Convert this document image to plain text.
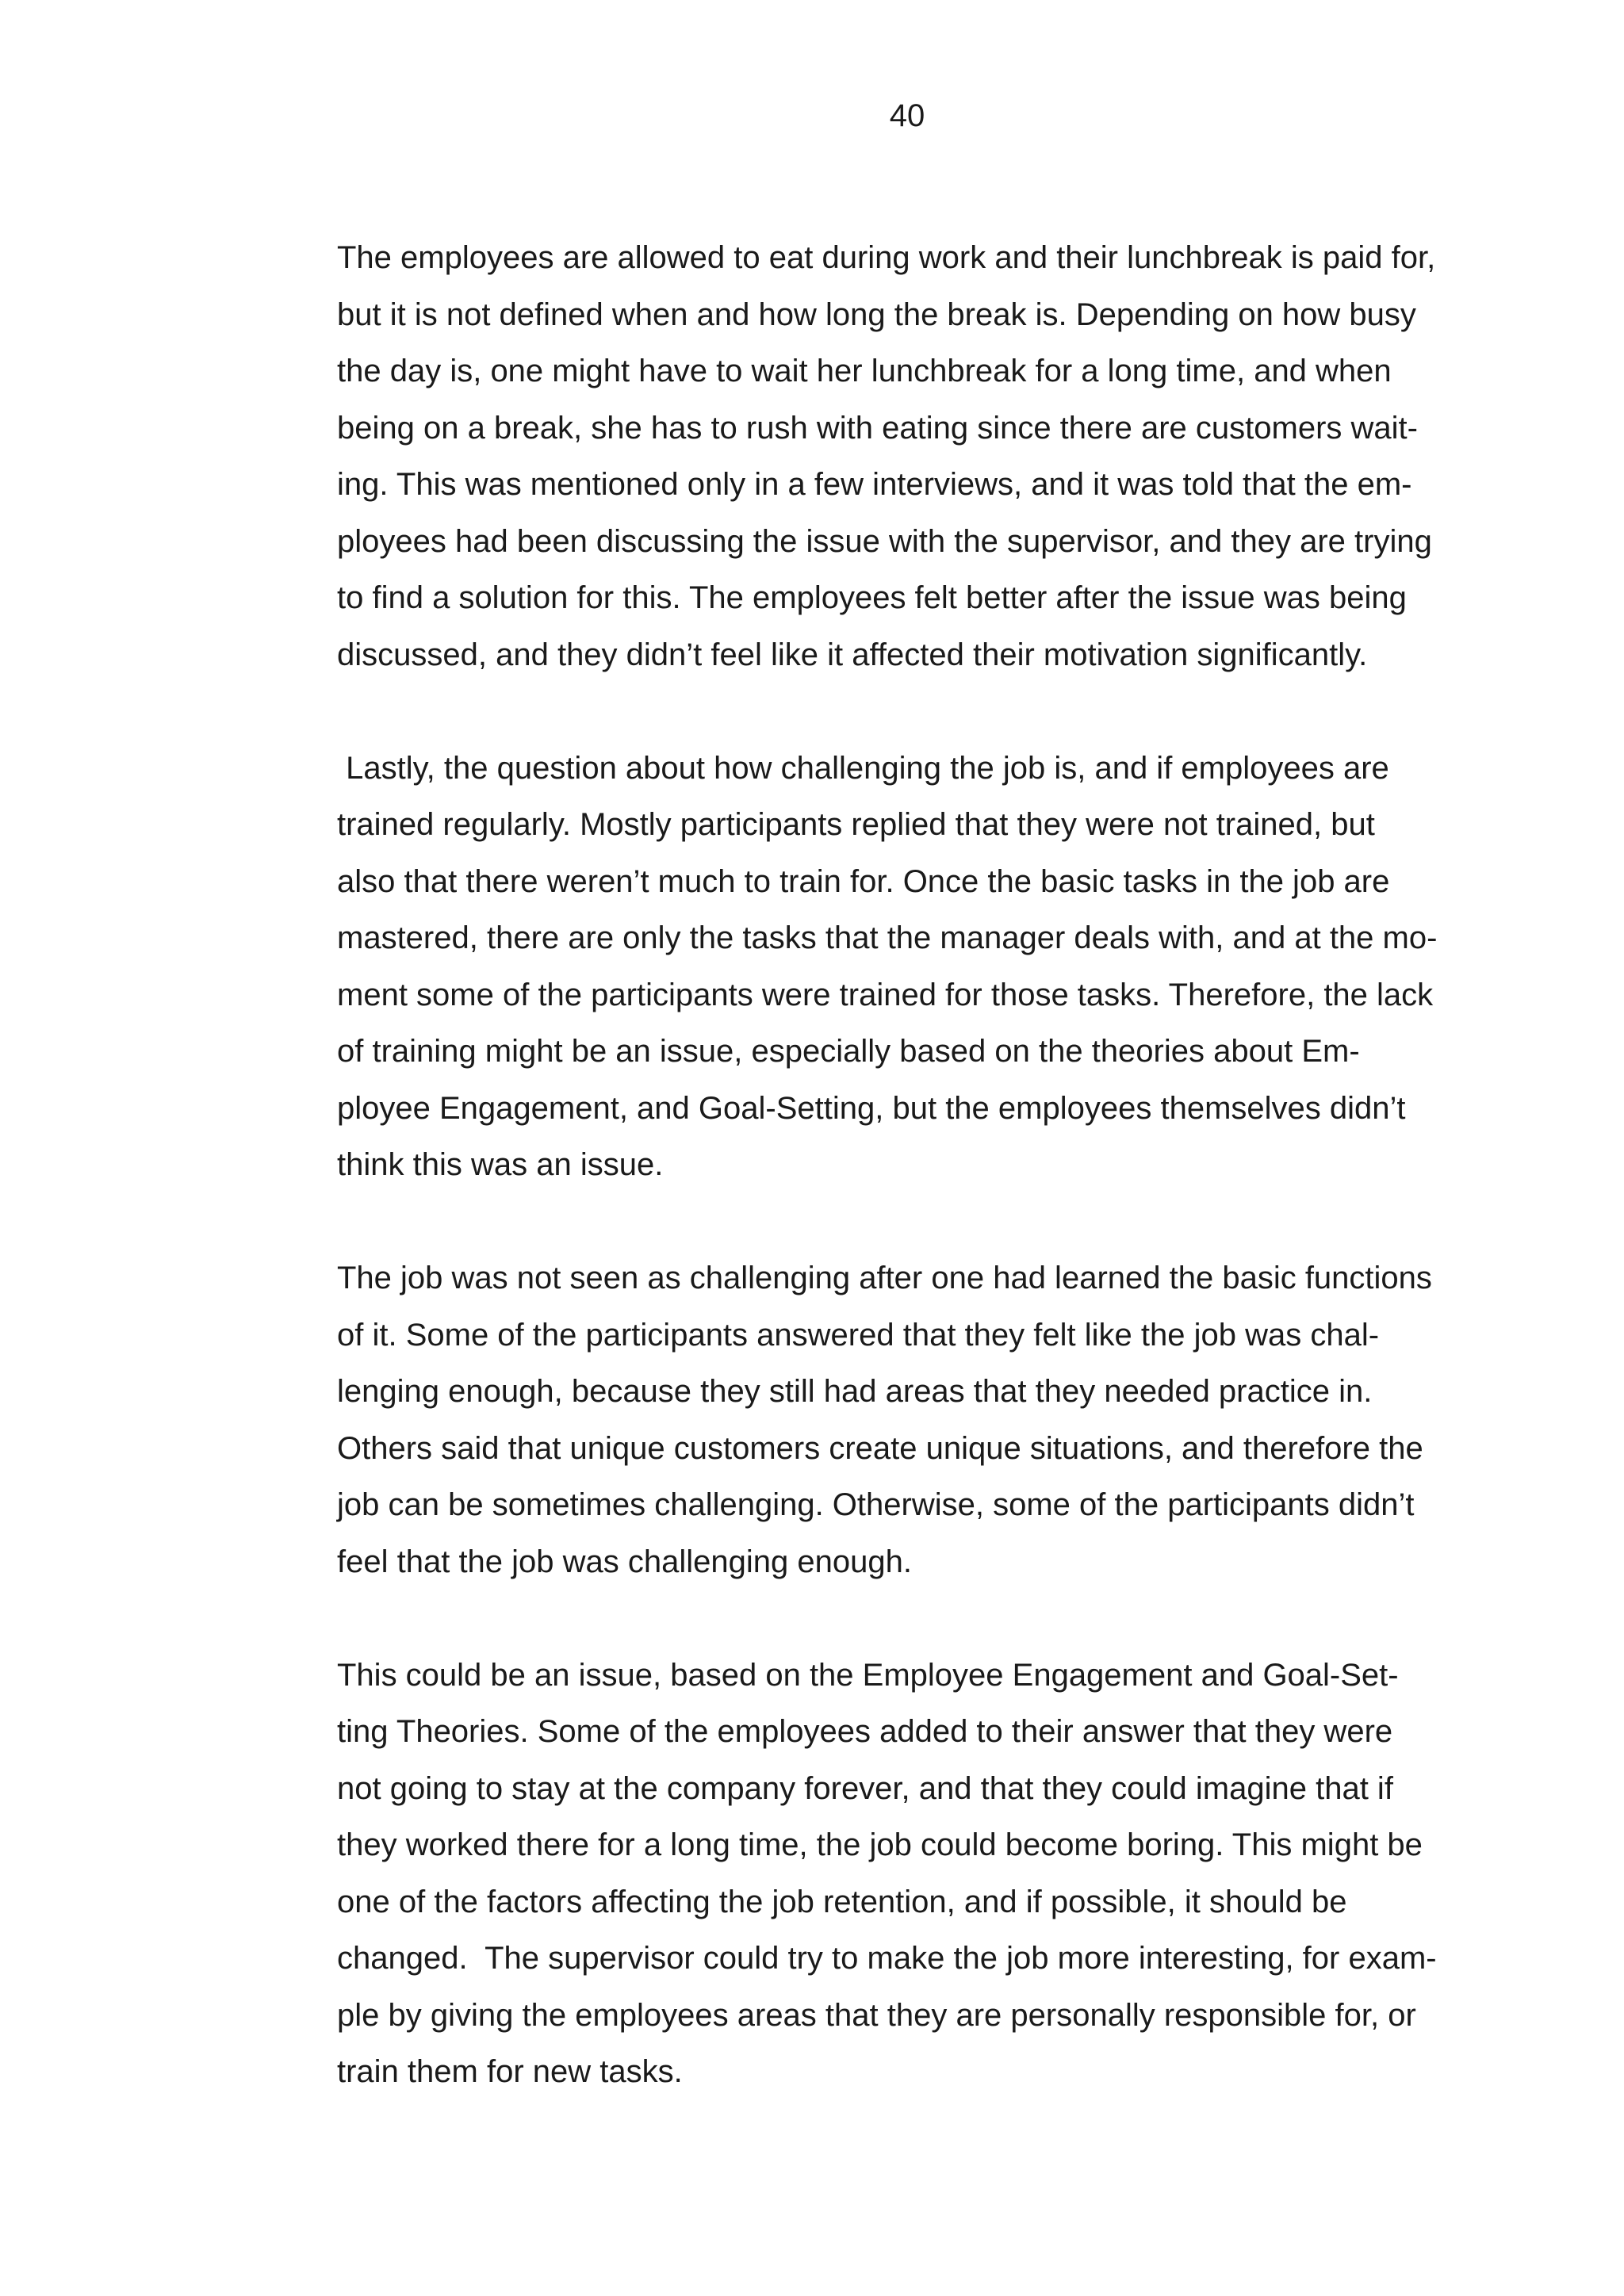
40
The employees are allowed to eat during work and their lunchbreak is paid for,
but it is not defined when and how long the break is. Depending on how busy
the day is, one might have to wait her lunchbreak for a long time, and when
being on a break, she has to rush with eating since there are customers wait-
ing. This was mentioned only in a few interviews, and it was told that the em-
ployees had been discussing the issue with the supervisor, and they are trying
to find a solution for this. The employees felt better after the issue was being
discussed, and they didn’t feel like it affected their motivation significantly.
Lastly, the question about how challenging the job is, and if employees are
trained regularly. Mostly participants replied that they were not trained, but
also that there weren’t much to train for. Once the basic tasks in the job are
mastered, there are only the tasks that the manager deals with, and at the mo-
ment some of the participants were trained for those tasks. Therefore, the lack
of training might be an issue, especially based on the theories about Em-
ployee Engagement, and Goal-Setting, but the employees themselves didn’t
think this was an issue.
The job was not seen as challenging after one had learned the basic functions
of it. Some of the participants answered that they felt like the job was chal-
lenging enough, because they still had areas that they needed practice in.
Others said that unique customers create unique situations, and therefore the
job can be sometimes challenging. Otherwise, some of the participants didn’t
feel that the job was challenging enough.
This could be an issue, based on the Employee Engagement and Goal-Set-
ting Theories. Some of the employees added to their answer that they were
not going to stay at the company forever, and that they could imagine that if
they worked there for a long time, the job could become boring. This might be
one of the factors affecting the job retention, and if possible, it should be
changed.  The supervisor could try to make the job more interesting, for exam-
ple by giving the employees areas that they are personally responsible for, or
train them for new tasks.
